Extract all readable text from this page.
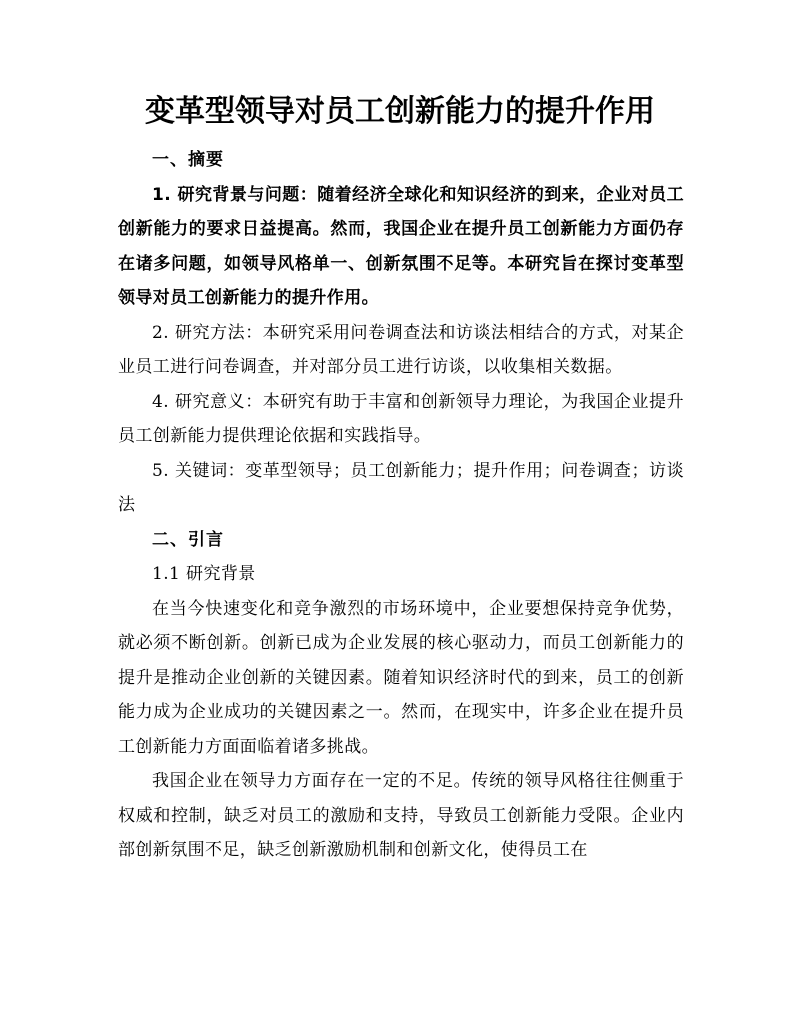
变革型领导对员工创新能力的提升作用

一、摘要

1. 研究背景与问题：随着经济全球化和知识经济的到来，企业对员工创新能力的要求日益提高。然而，我国企业在提升员工创新能力方面仍存在诸多问题，如领导风格单一、创新氛围不足等。本研究旨在探讨变革型领导对员工创新能力的提升作用。

2. 研究方法：本研究采用问卷调查法和访谈法相结合的方式，对某企业员工进行问卷调查，并对部分员工进行访谈，以收集相关数据。

4. 研究意义：本研究有助于丰富和创新领导力理论，为我国企业提升员工创新能力提供理论依据和实践指导。

5. 关键词：变革型领导；员工创新能力；提升作用；问卷调查；访谈法

二、引言

1.1 研究背景

在当今快速变化和竞争激烈的市场环境中，企业要想保持竞争优势，就必须不断创新。创新已成为企业发展的核心驱动力，而员工创新能力的提升是推动企业创新的关键因素。随着知识经济时代的到来，员工的创新能力成为企业成功的关键因素之一。然而，在现实中，许多企业在提升员工创新能力方面面临着诸多挑战。

我国企业在领导力方面存在一定的不足。传统的领导风格往往侧重于权威和控制，缺乏对员工的激励和支持，导致员工创新能力受限。企业内部创新氛围不足，缺乏创新激励机制和创新文化，使得员工在
